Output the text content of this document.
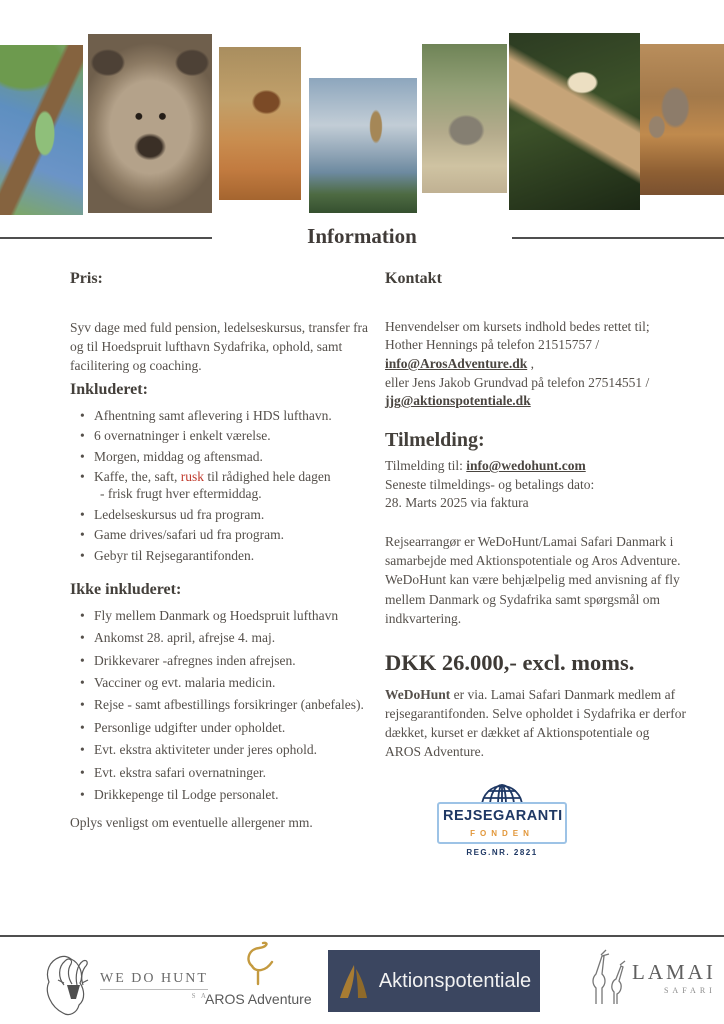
Information
Pris:
Syv dage med fuld pension, ledelseskursus, transfer fra og til Hoedspruit lufthavn Sydafrika, ophold, samt facilitering og coaching.
Inkluderet:
• Afhentning samt aflevering i HDS lufthavn.
• 6 overnatninger i enkelt værelse.
• Morgen, middag og aftensmad.
• Kaffe, the, saft, rusk til rådighed hele dagen
- frisk frugt hver eftermiddag.
• Ledelseskursus ud fra program.
• Game drives/safari ud fra program.
• Gebyr til Rejsegarantifonden.
Ikke inkluderet:
• Fly mellem Danmark og Hoedspruit lufthavn
• Ankomst 28. april, afrejse 4. maj.
• Drikkevarer -afregnes inden afrejsen.
• Vacciner og evt. malaria medicin.
• Rejse - samt afbestillings forsikringer (anbefales).
• Personlige udgifter under opholdet.
• Evt. ekstra aktiviteter under jeres ophold.
• Evt. ekstra safari overnatninger.
• Drikkepenge til Lodge personalet.
Oplys venligst om eventuelle allergener mm.
Kontakt
Henvendelser om kursets indhold bedes rettet til;
Hother Hennings på telefon 21515757 /
info@ArosAdventure.dk ,
eller Jens Jakob Grundvad på telefon 27514551 /
jjg@aktionspotentiale.dk
Tilmelding:
Tilmelding til: info@wedohunt.com
Seneste tilmeldings- og betalings dato:
28. Marts 2025 via faktura
Rejsearrangør er WeDoHunt/Lamai Safari Danmark i samarbejde med Aktionspotentiale og Aros Adventure. WeDoHunt kan være behjælpelig med anvisning af fly mellem Danmark og Sydafrika samt spørgsmål om indkvartering.
DKK 26.000,- excl. moms.
WeDoHunt er via. Lamai Safari Danmark medlem af rejsegarantifonden. Selve opholdet i Sydafrika er derfor dækket, kurset er dækket af Aktionspotentiale og AROS Adventure.
REJSEGARANTI
FONDEN
REG.NR. 2821
WE DO HUNT
S A
AROS Adventure
Aktionspotentiale	LAMAI
SAFARI
